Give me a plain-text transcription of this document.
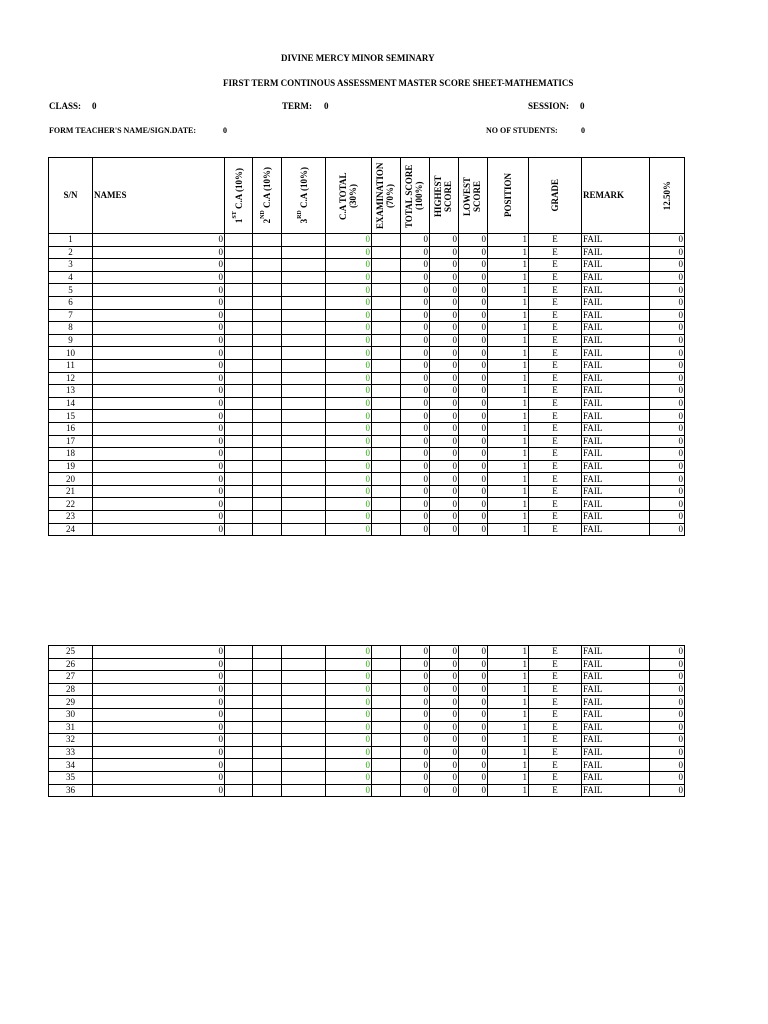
DIVINE MERCY MINOR SEMINARY
FIRST TERM CONTINOUS ASSESSMENT MASTER SCORE SHEET-MATHEMATICS
CLASS: 0	TERM: 0	SESSION: 0
FORM TEACHER'S NAME/SIGN.DATE:	0	NO OF STUDENTS:	0
S/N	NAMES	1ST C.A (10%)	2ND C.A (10%)	3RD C.A (10%)	C.A TOTAL (30%)	EXAMINATION (70%)	TOTAL SCORE (100%)	HIGHEST SCORE	LOWEST SCORE	POSITION	GRADE	REMARK	12.50%

1	0				0		0	0	0	1	E	FAIL	0
2	0				0		0	0	0	1	E	FAIL	0
3	0				0		0	0	0	1	E	FAIL	0
4	0				0		0	0	0	1	E	FAIL	0
5	0				0		0	0	0	1	E	FAIL	0
6	0				0		0	0	0	1	E	FAIL	0
7	0				0		0	0	0	1	E	FAIL	0
8	0				0		0	0	0	1	E	FAIL	0
9	0				0		0	0	0	1	E	FAIL	0
10	0				0		0	0	0	1	E	FAIL	0
11	0				0		0	0	0	1	E	FAIL	0
12	0				0		0	0	0	1	E	FAIL	0
13	0				0		0	0	0	1	E	FAIL	0
14	0				0		0	0	0	1	E	FAIL	0
15	0				0		0	0	0	1	E	FAIL	0
16	0				0		0	0	0	1	E	FAIL	0
17	0				0		0	0	0	1	E	FAIL	0
18	0				0		0	0	0	1	E	FAIL	0
19	0				0		0	0	0	1	E	FAIL	0
20	0				0		0	0	0	1	E	FAIL	0
21	0				0		0	0	0	1	E	FAIL	0
22	0				0		0	0	0	1	E	FAIL	0
23	0				0		0	0	0	1	E	FAIL	0
24	0				0		0	0	0	1	E	FAIL	0
25	0				0		0	0	0	1	E	FAIL	0
26	0				0		0	0	0	1	E	FAIL	0
27	0				0		0	0	0	1	E	FAIL	0
28	0				0		0	0	0	1	E	FAIL	0
29	0				0		0	0	0	1	E	FAIL	0
30	0				0		0	0	0	1	E	FAIL	0
31	0				0		0	0	0	1	E	FAIL	0
32	0				0		0	0	0	1	E	FAIL	0
33	0				0		0	0	0	1	E	FAIL	0
34	0				0		0	0	0	1	E	FAIL	0
35	0				0		0	0	0	1	E	FAIL	0
36	0				0		0	0	0	1	E	FAIL	0
